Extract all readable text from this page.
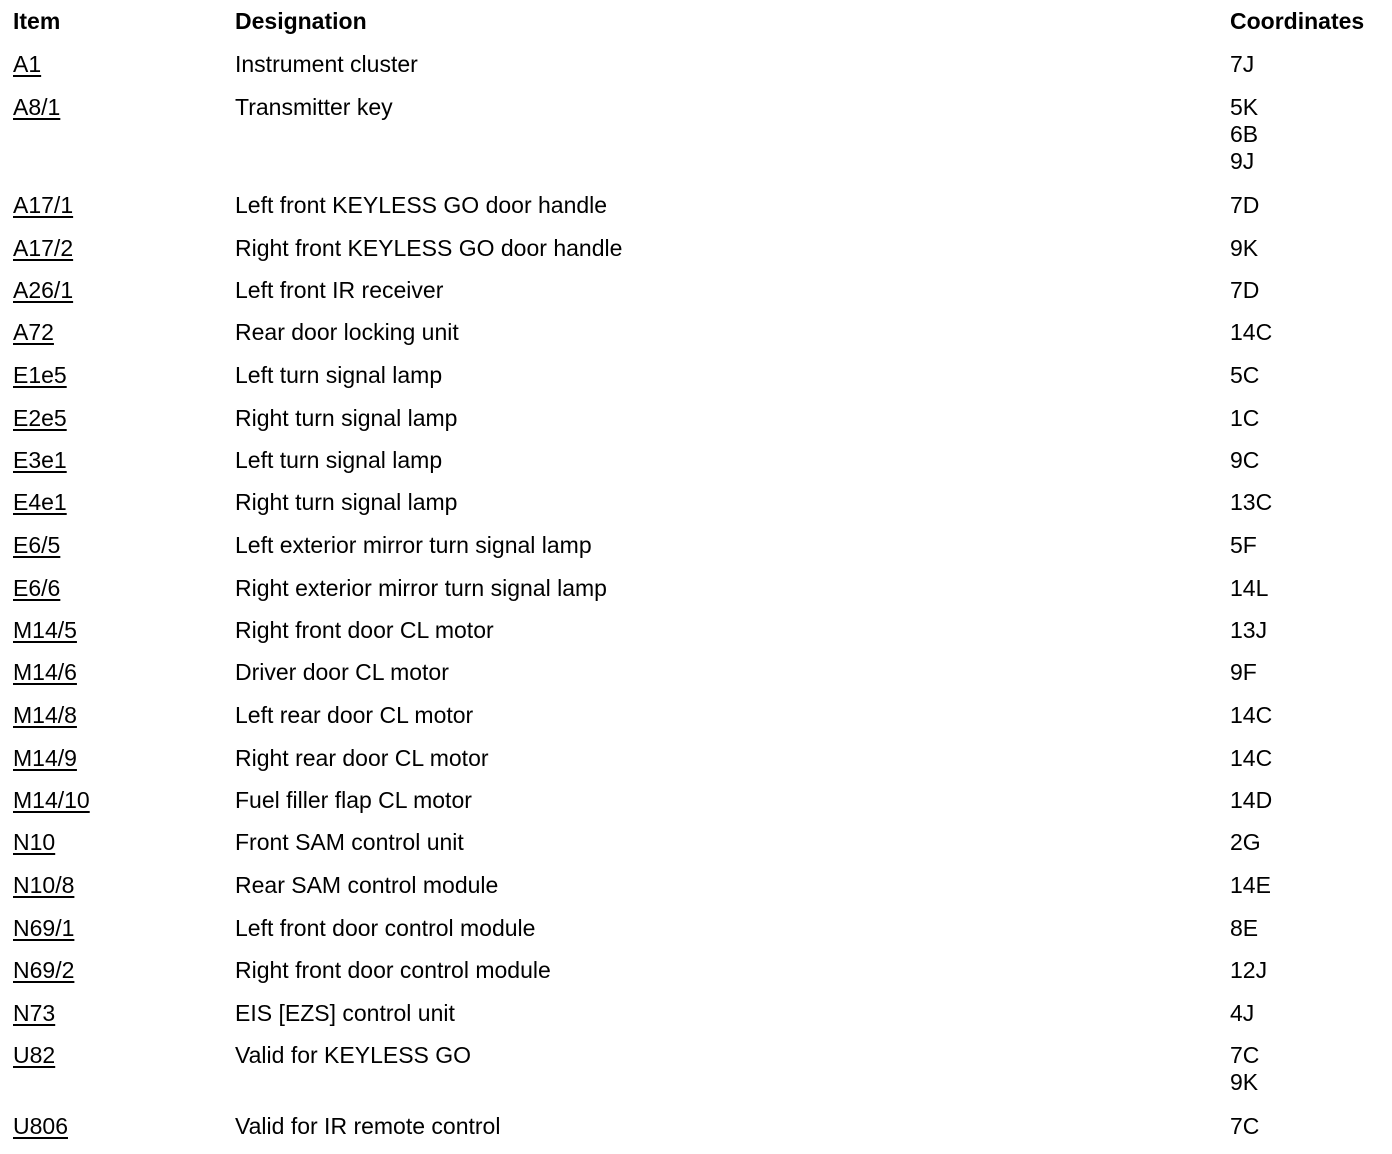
Item	Designation	Coordinates
A1	Instrument cluster	7J
A8/1	Transmitter key	5K
6B
9J
A17/1	Left front KEYLESS GO door handle	7D
A17/2	Right front KEYLESS GO door handle	9K
A26/1	Left front IR receiver	7D
A72	Rear door locking unit	14C
E1e5	Left turn signal lamp	5C
E2e5	Right turn signal lamp	1C
E3e1	Left turn signal lamp	9C
E4e1	Right turn signal lamp	13C
E6/5	Left exterior mirror turn signal lamp	5F
E6/6	Right exterior mirror turn signal lamp	14L
M14/5	Right front door CL motor	13J
M14/6	Driver door CL motor	9F
M14/8	Left rear door CL motor	14C
M14/9	Right rear door CL motor	14C
M14/10	Fuel filler flap CL motor	14D
N10	Front SAM control unit	2G
N10/8	Rear SAM control module	14E
N69/1	Left front door control module	8E
N69/2	Right front door control module	12J
N73	EIS [EZS] control unit	4J
U82	Valid for KEYLESS GO	7C
9K
U806	Valid for IR remote control	7C
